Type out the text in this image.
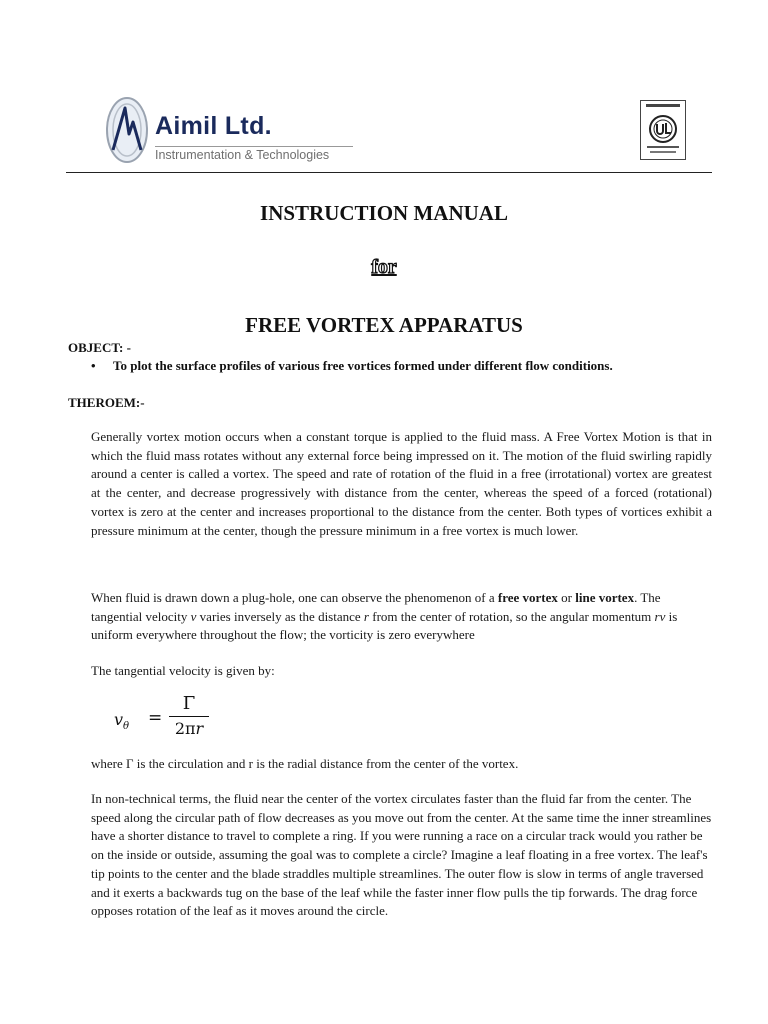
Aimil Ltd.
Instrumentation & Technologies
INSTRUCTION MANUAL
for
FREE VORTEX APPARATUS
OBJECT: -
• To plot the surface profiles of various free vortices formed under different flow conditions.
THEROEM:-
Generally vortex motion occurs when a constant torque is applied to the fluid mass. A Free Vortex Motion is that in which the fluid mass rotates without any external force being impressed on it. The motion of the fluid swirling rapidly around a center is called a vortex. The speed and rate of rotation of the fluid in a free (irrotational) vortex are greatest at the center, and decrease progressively with distance from the center, whereas the speed of a forced (rotational) vortex is zero at the center and increases proportional to the distance from the center. Both types of vortices exhibit a pressure minimum at the center, though the pressure minimum in a free vortex is much lower.
When fluid is drawn down a plug-hole, one can observe the phenomenon of a free vortex or line vortex. The tangential velocity v varies inversely as the distance r from the center of rotation, so the angular momentum rv is uniform everywhere throughout the flow; the vorticity is zero everywhere
The tangential velocity is given by:
$v_\theta$ =
Γ
2πr
where Γ is the circulation and r is the radial distance from the center of the vortex.
In non-technical terms, the fluid near the center of the vortex circulates faster than the fluid far from the center. The speed along the circular path of flow decreases as you move out from the center. At the same time the inner streamlines have a shorter distance to travel to complete a ring. If you were running a race on a circular track would you rather be on the inside or outside, assuming the goal was to complete a circle? Imagine a leaf floating in a free vortex. The leaf's tip points to the center and the blade straddles multiple streamlines. The outer flow is slow in terms of angle traversed and it exerts a backwards tug on the base of the leaf while the faster inner flow pulls the tip forwards. The drag force opposes rotation of the leaf as it moves around the circle.
